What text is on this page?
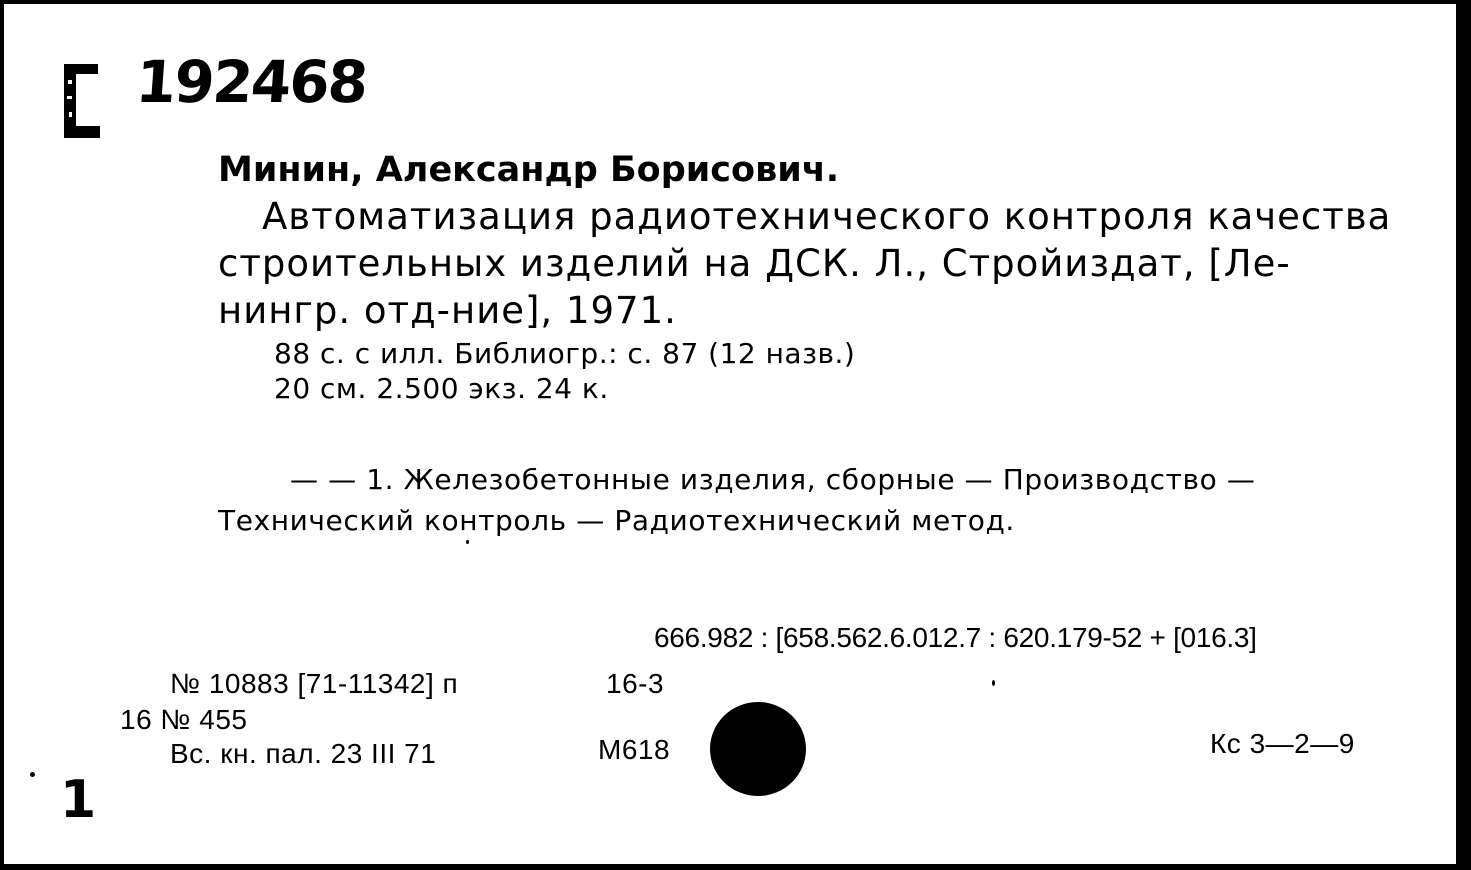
192468
Минин, Александр Борисович.
Автоматизация радиотехнического контроля качества
строительных изделий на ДСК. Л., Стройиздат, [Ле-
нингр. отд-ние], 1971.
88 с. с илл. Библиогр.: с. 87 (12 назв.)
20 см. 2.500 экз. 24 к.
— — 1. Железобетонные изделия, сборные — Производство —
Технический контроль — Радиотехнический метод.
666.982 : [658.562.6.012.7 : 620.179-52 + [016.3]
№ 10883 [71-11342] п	16-3
16 № 455
Вс. кн. пал. 23 III 71	М618	Кс 3—2—9
1
